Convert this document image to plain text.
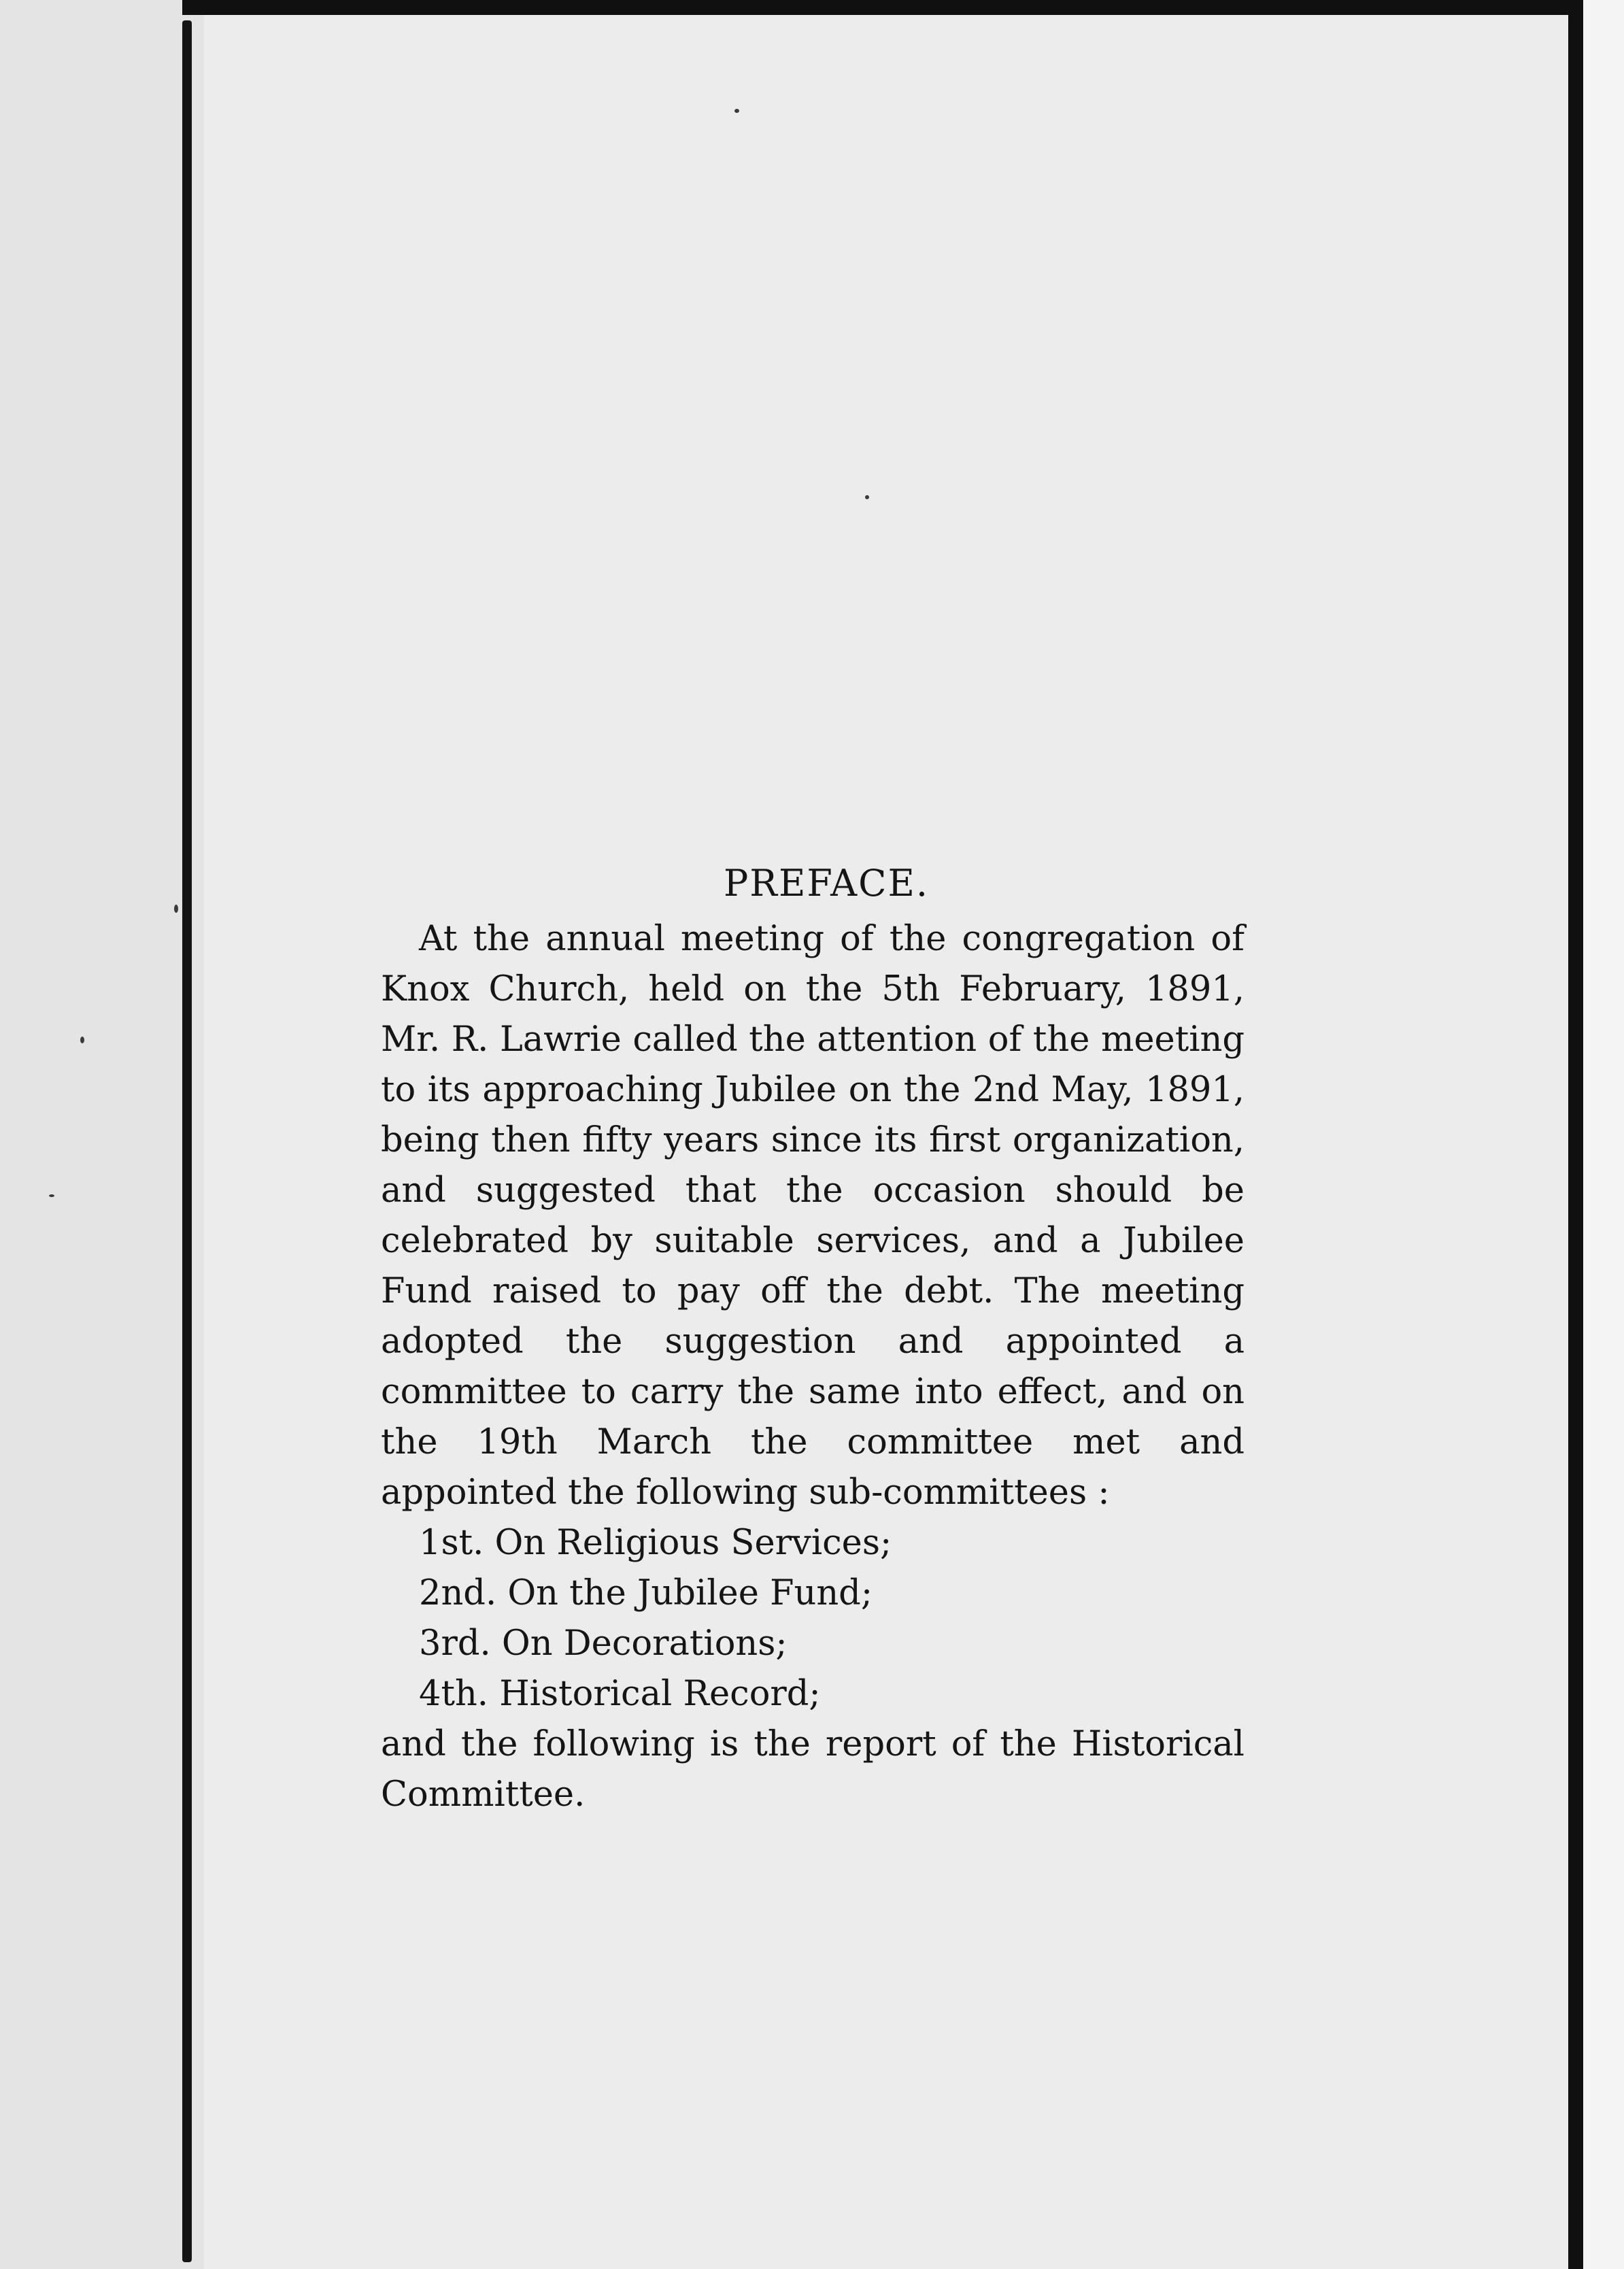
PREFACE.

At the annual meeting of the congregation of Knox Church, held on the 5th February, 1891, Mr. R. Lawrie called the attention of the meeting to its approaching Jubilee on the 2nd May, 1891, being then fifty years since its first organization, and suggested that the occasion should be celebrated by suitable services, and a Jubilee Fund raised to pay off the debt. The meeting adopted the suggestion and appointed a committee to carry the same into effect, and on the 19th March the committee met and appointed the following sub-committees :

1st. On Religious Services;
2nd. On the Jubilee Fund;
3rd. On Decorations;
4th. Historical Record;

and the following is the report of the Historical Committee.
